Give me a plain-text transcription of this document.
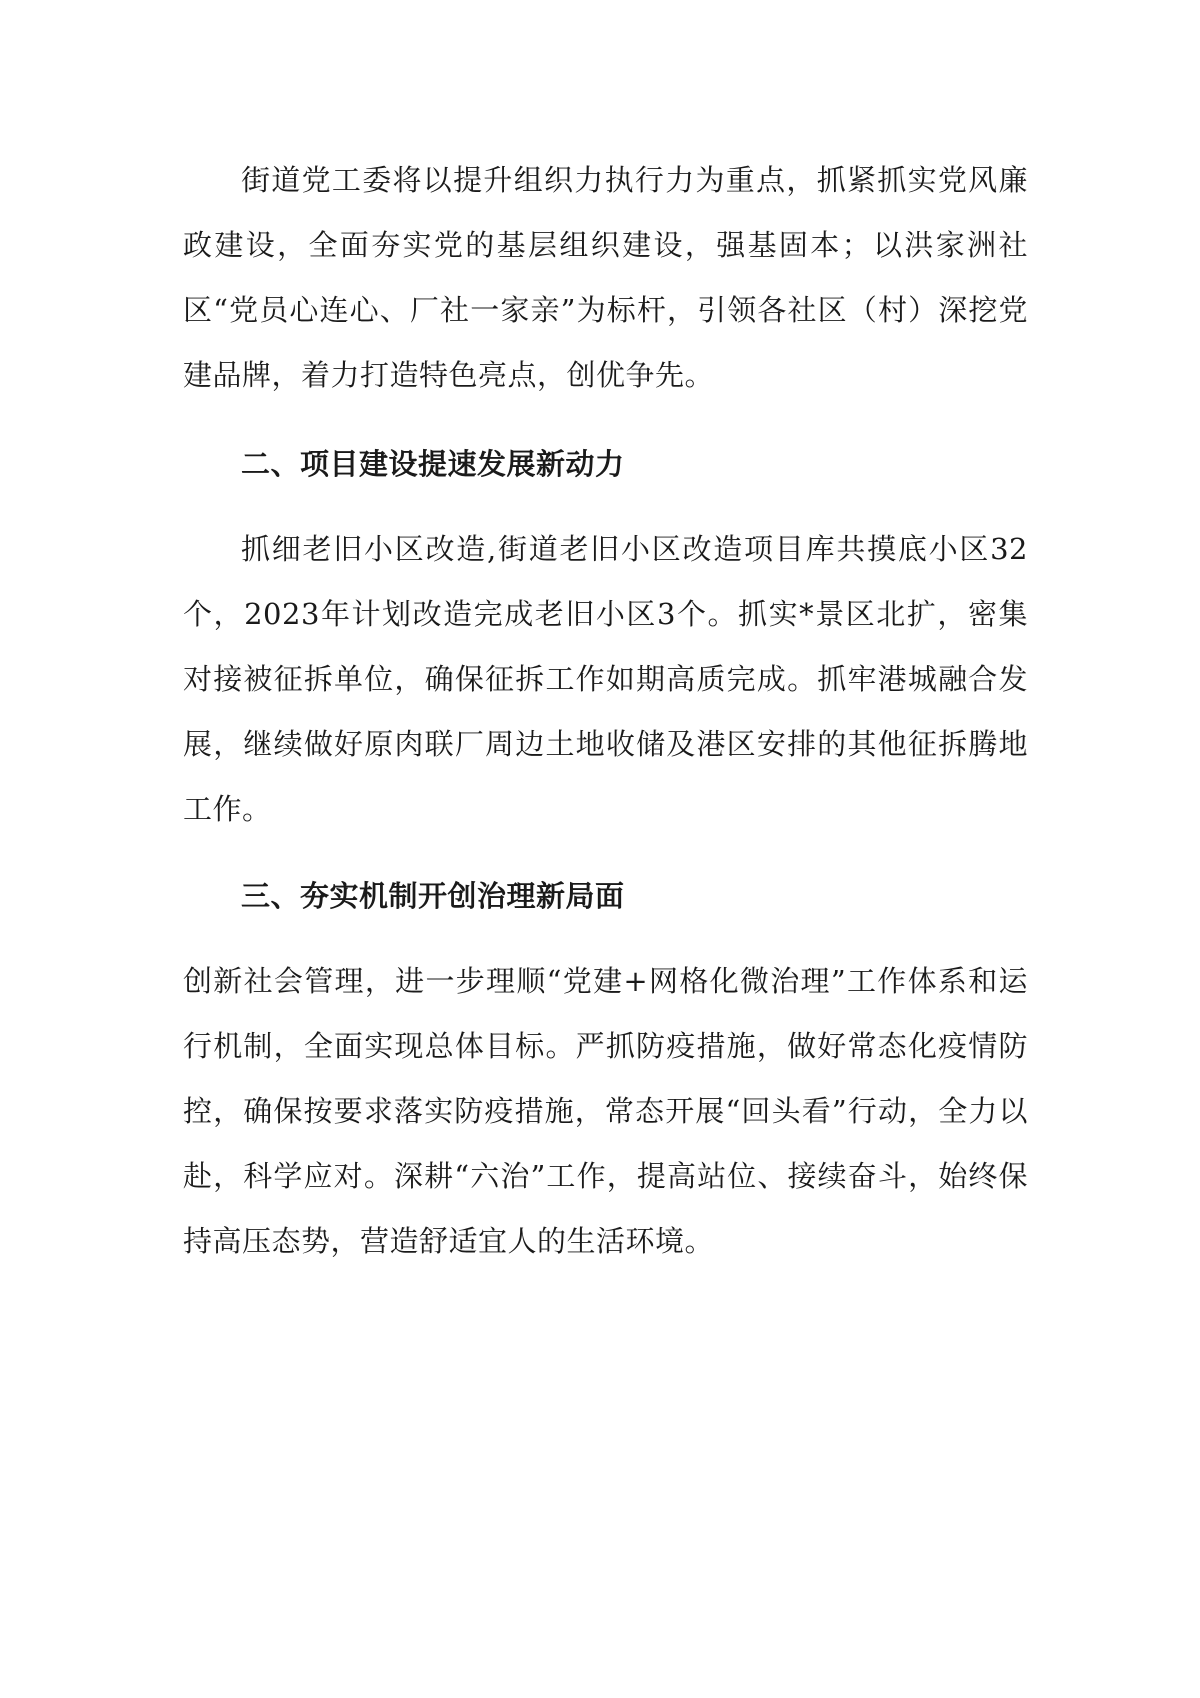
街道党工委将以提升组织力执行力为重点，抓紧抓实党风廉政建设，全面夯实党的基层组织建设，强基固本；以洪家洲社区“党员心连心、厂社一家亲”为标杆，引领各社区（村）深挖党建品牌，着力打造特色亮点，创优争先。

二、项目建设提速发展新动力

抓细老旧小区改造,街道老旧小区改造项目库共摸底小区32个，2023年计划改造完成老旧小区3个。抓实*景区北扩，密集对接被征拆单位，确保征拆工作如期高质完成。抓牢港城融合发展，继续做好原肉联厂周边土地收储及港区安排的其他征拆腾地工作。

三、夯实机制开创治理新局面

创新社会管理，进一步理顺“党建+网格化微治理”工作体系和运行机制，全面实现总体目标。严抓防疫措施，做好常态化疫情防控，确保按要求落实防疫措施，常态开展“回头看”行动，全力以赴，科学应对。深耕“六治”工作，提高站位、接续奋斗，始终保持高压态势，营造舒适宜人的生活环境。
